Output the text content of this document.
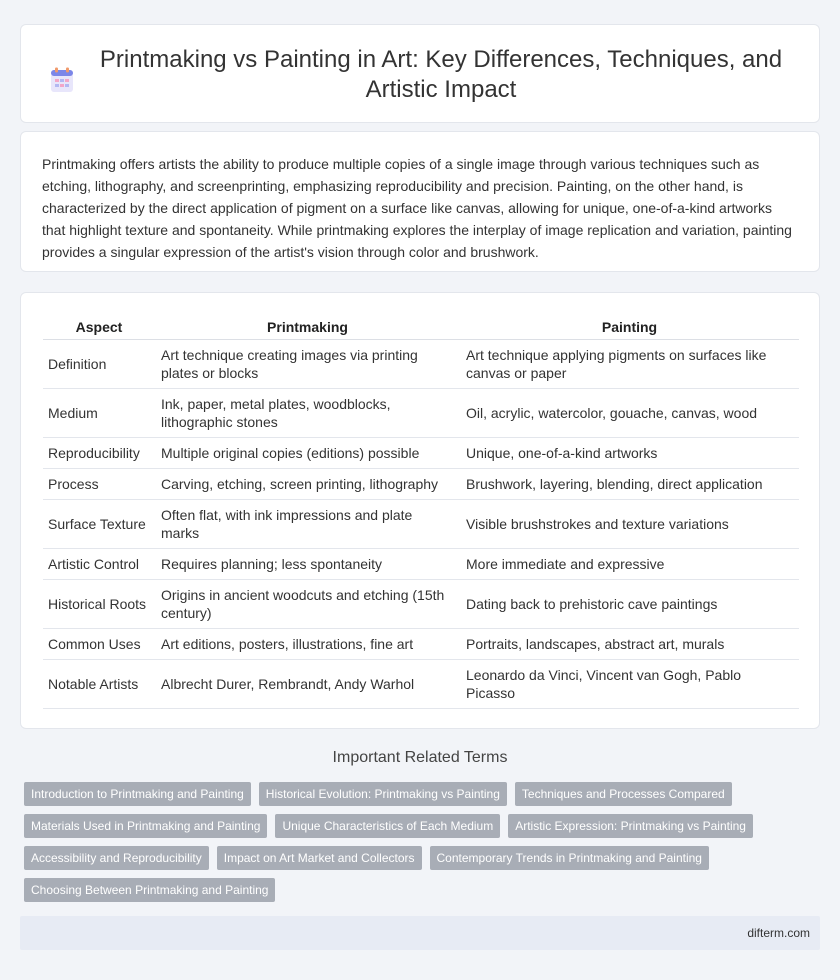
Printmaking vs Painting in Art: Key Differences, Techniques, and Artistic Impact

Printmaking offers artists the ability to produce multiple copies of a single image through various techniques such as etching, lithography, and screenprinting, emphasizing reproducibility and precision. Painting, on the other hand, is characterized by the direct application of pigment on a surface like canvas, allowing for unique, one-of-a-kind artworks that highlight texture and spontaneity. While printmaking explores the interplay of image replication and variation, painting provides a singular expression of the artist's vision through color and brushwork.

Aspect	Printmaking	Painting
Definition	Art technique creating images via printing plates or blocks	Art technique applying pigments on surfaces like canvas or paper
Medium	Ink, paper, metal plates, woodblocks, lithographic stones	Oil, acrylic, watercolor, gouache, canvas, wood
Reproducibility	Multiple original copies (editions) possible	Unique, one-of-a-kind artworks
Process	Carving, etching, screen printing, lithography	Brushwork, layering, blending, direct application
Surface Texture	Often flat, with ink impressions and plate marks	Visible brushstrokes and texture variations
Artistic Control	Requires planning; less spontaneity	More immediate and expressive
Historical Roots	Origins in ancient woodcuts and etching (15th century)	Dating back to prehistoric cave paintings
Common Uses	Art editions, posters, illustrations, fine art	Portraits, landscapes, abstract art, murals
Notable Artists	Albrecht Durer, Rembrandt, Andy Warhol	Leonardo da Vinci, Vincent van Gogh, Pablo Picasso
Important Related Terms
Introduction to Printmaking and Painting	Historical Evolution: Printmaking vs Painting	Techniques and Processes Compared
Materials Used in Printmaking and Painting	Unique Characteristics of Each Medium	Artistic Expression: Printmaking vs Painting
Accessibility and Reproducibility	Impact on Art Market and Collectors	Contemporary Trends in Printmaking and Painting
Choosing Between Printmaking and Painting
difterm.com
